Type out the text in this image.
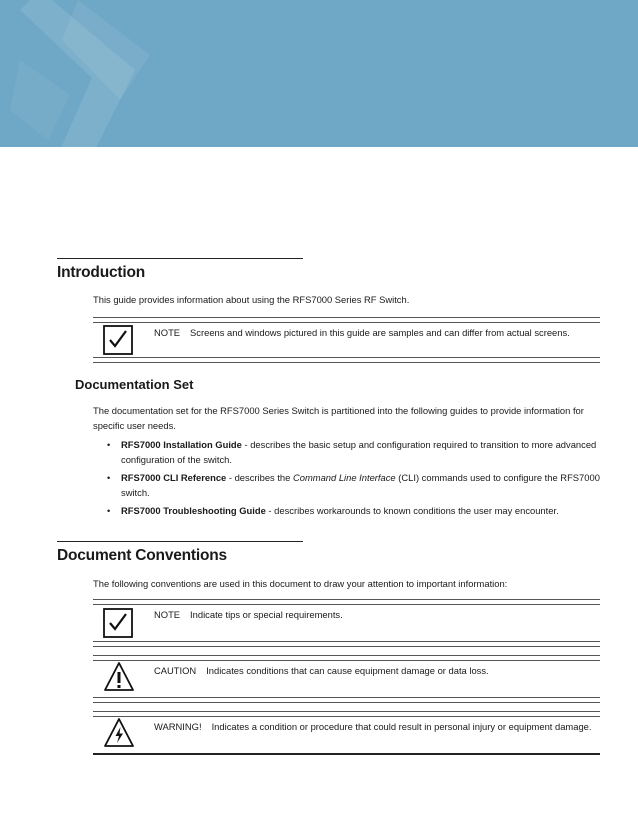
Introduction
This guide provides information about using the RFS7000 Series RF Switch.
NOTE Screens and windows pictured in this guide are samples and can differ from actual screens.
Documentation Set
The documentation set for the RFS7000 Series Switch is partitioned into the following guides to provide information for specific user needs.
• RFS7000 Installation Guide - describes the basic setup and configuration required to transition to more advanced configuration of the switch.
• RFS7000 CLI Reference - describes the Command Line Interface (CLI) commands used to configure the RFS7000 switch.
• RFS7000 Troubleshooting Guide - describes workarounds to known conditions the user may encounter.
Document Conventions
The following conventions are used in this document to draw your attention to important information:
NOTE Indicate tips or special requirements.
CAUTION Indicates conditions that can cause equipment damage or data loss.
WARNING! Indicates a condition or procedure that could result in personal injury or equipment damage.
